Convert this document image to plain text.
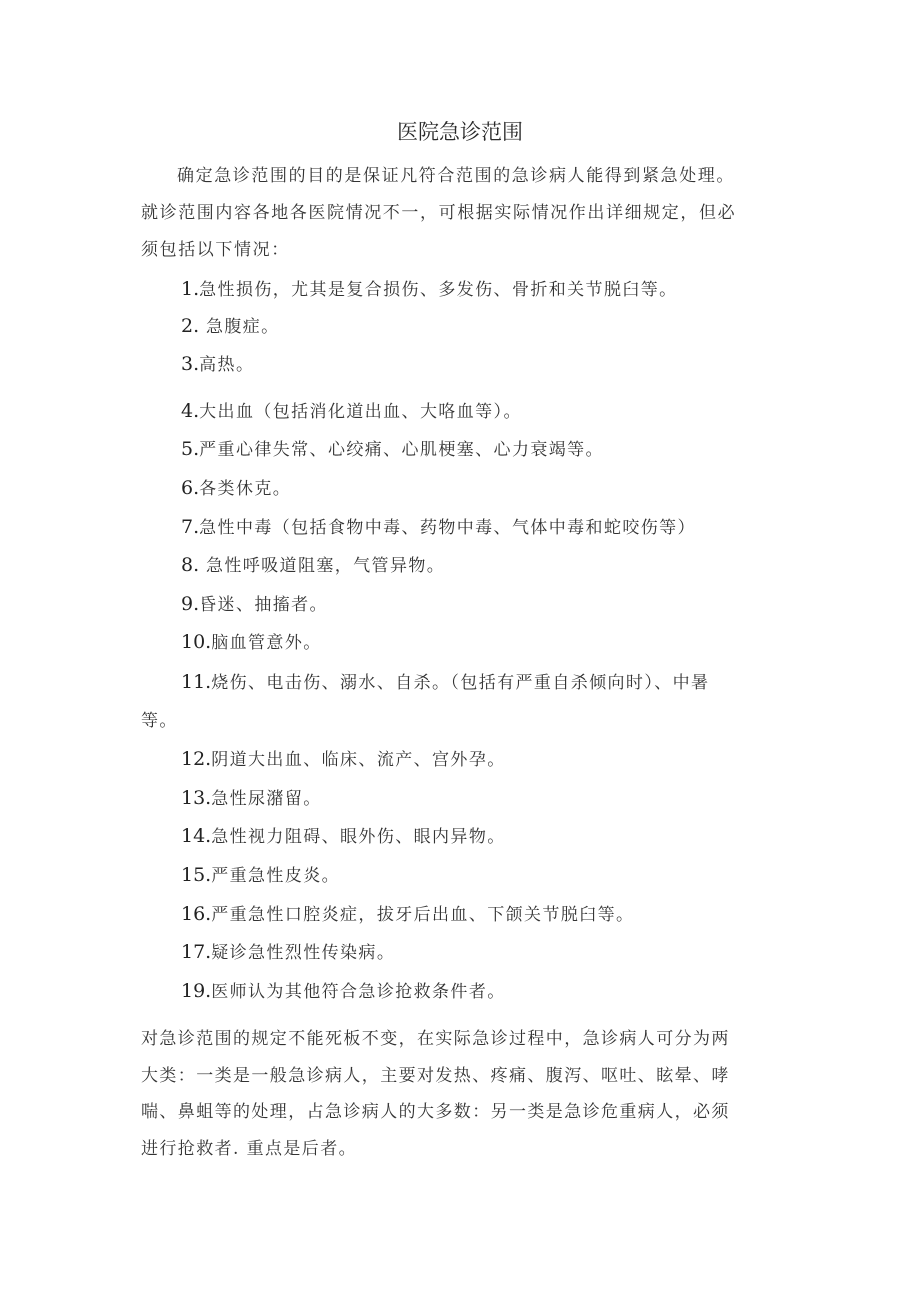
医院急诊范围
确定急诊范围的目的是保证凡符合范围的急诊病人能得到紧急处理。
就诊范围内容各地各医院情况不一，可根据实际情况作出详细规定，但必
须包括以下情况：
1.急性损伤，尤其是复合损伤、多发伤、骨折和关节脱臼等。
2. 急腹症。
3.高热。
4.大出血（包括消化道出血、大咯血等）。
5.严重心律失常、心绞痛、心肌梗塞、心力衰竭等。
6.各类休克。
7.急性中毒（包括食物中毒、药物中毒、气体中毒和蛇咬伤等）
8. 急性呼吸道阻塞，气管异物。
9.昏迷、抽搐者。
10.脑血管意外。
11.烧伤、电击伤、溺水、自杀。（包括有严重自杀倾向时）、中暑
等。
12.阴道大出血、临床、流产、宫外孕。
13.急性尿潴留。
14.急性视力阻碍、眼外伤、眼内异物。
15.严重急性皮炎。
16.严重急性口腔炎症，拔牙后出血、下颌关节脱臼等。
17.疑诊急性烈性传染病。
19.医师认为其他符合急诊抢救条件者。
对急诊范围的规定不能死板不变，在实际急诊过程中，急诊病人可分为两
大类：一类是一般急诊病人，主要对发热、疼痛、腹泻、呕吐、眩晕、哮
喘、鼻蛆等的处理，占急诊病人的大多数：另一类是急诊危重病人，必须
进行抢救者. 重点是后者。
